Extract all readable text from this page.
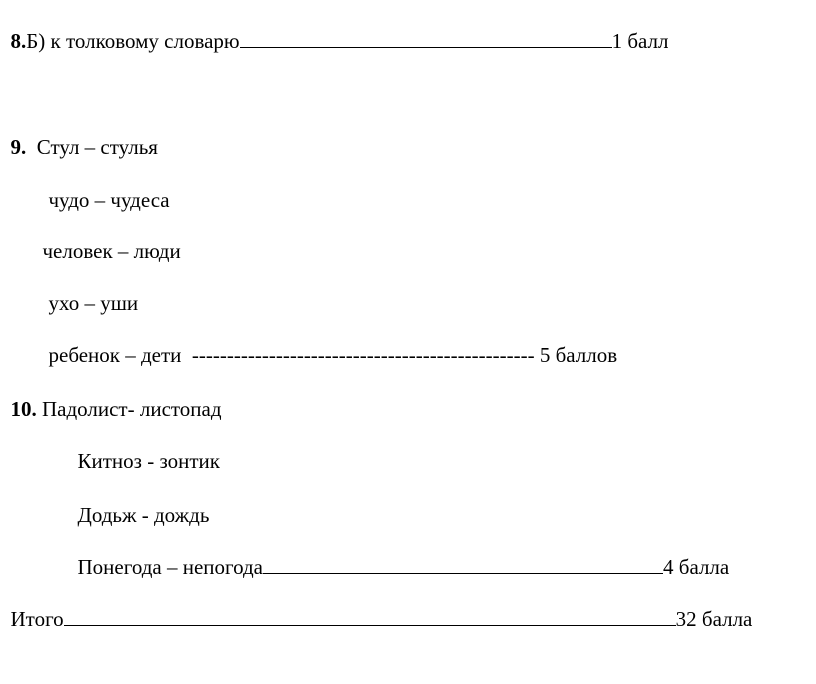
8.Б) к толковому словарю	1 балл

9. Стул – стулья

чудо – чудеса

человек – люди

ухо – уши

ребенок – дети ------------------------------------------------- 5 баллов

10. Падолист- листопад

Китноз - зонтик

Додьж - дождь

Понегода – непогода	4 балла

Итого	32 балла
